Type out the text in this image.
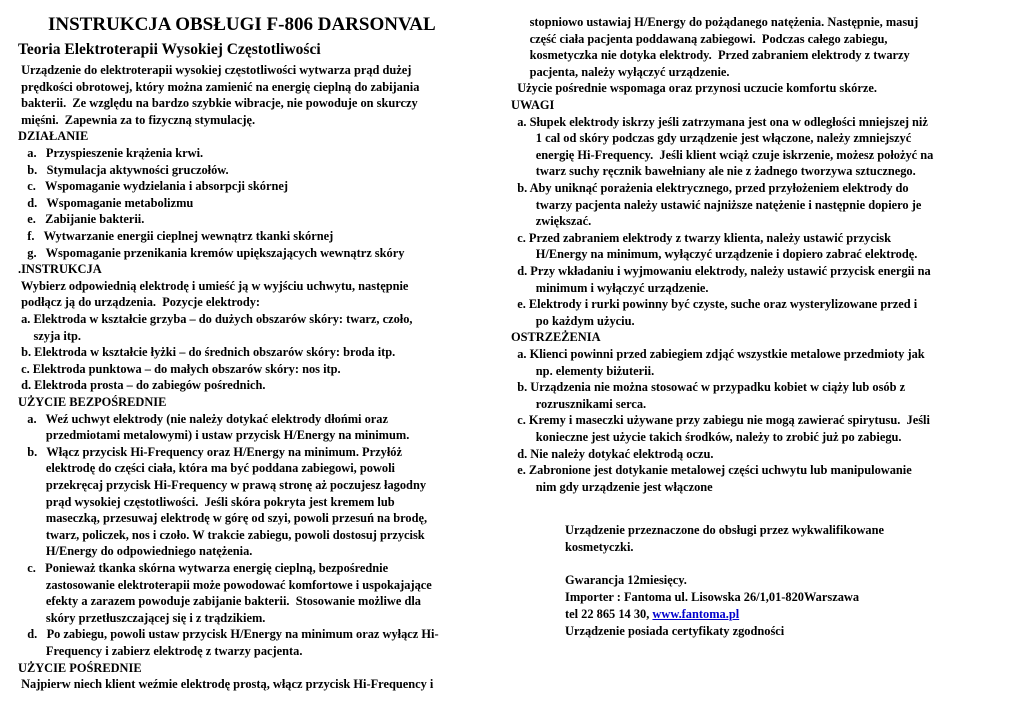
INSTRUKCJA OBSŁUGI F-806 DARSONVAL
Teoria Elektroterapii Wysokiej Częstotliwości
Urządzenie do elektroterapii wysokiej częstotliwości wytwarza prąd dużej
prędkości obrotowej, który można zamienić na energię cieplną do zabijania
bakterii.  Ze względu na bardzo szybkie wibracje, nie powoduje on skurczy
mięśni.  Zapewnia za to fizyczną stymulację.
DZIAŁANIE
a.   Przyspieszenie krążenia krwi.
b.   Stymulacja aktywności gruczołów.
c.   Wspomaganie wydzielania i absorpcji skórnej
d.   Wspomaganie metabolizmu
e.   Zabijanie bakterii.
f.   Wytwarzanie energii cieplnej wewnątrz tkanki skórnej
g.   Wspomaganie przenikania kremów upiększających wewnątrz skóry
.INSTRUKCJA
Wybierz odpowiednią elektrodę i umieść ją w wyjściu uchwytu, następnie
podłącz ją do urządzenia.  Pozycje elektrody:
a. Elektroda w kształcie grzyba – do dużych obszarów skóry: twarz, czoło,
szyja itp.
b. Elektroda w kształcie łyżki – do średnich obszarów skóry: broda itp.
c. Elektroda punktowa – do małych obszarów skóry: nos itp.
d. Elektroda prosta – do zabiegów pośrednich.
UŻYCIE BEZPOŚREDNIE
a.   Weź uchwyt elektrody (nie należy dotykać elektrody dłońmi oraz
przedmiotami metalowymi) i ustaw przycisk H/Energy na minimum.
b.   Włącz przycisk Hi-Frequency oraz H/Energy na minimum. Przyłóż
elektrodę do części ciała, która ma być poddana zabiegowi, powoli
przekręcaj przycisk Hi-Frequency w prawą stronę aż poczujesz łagodny
prąd wysokiej częstotliwości.  Jeśli skóra pokryta jest kremem lub
maseczką, przesuwaj elektrodę w górę od szyi, powoli przesuń na brodę,
twarz, policzek, nos i czoło. W trakcie zabiegu, powoli dostosuj przycisk
H/Energy do odpowiedniego natężenia.
c.   Ponieważ tkanka skórna wytwarza energię cieplną, bezpośrednie
zastosowanie elektroterapii może powodować komfortowe i uspokajające
efekty a zarazem powoduje zabijanie bakterii.  Stosowanie możliwe dla
skóry przetłuszczającej się i z trądzikiem.
d.   Po zabiegu, powoli ustaw przycisk H/Energy na minimum oraz wyłącz Hi-
Frequency i zabierz elektrodę z twarzy pacjenta.
UŻYCIE POŚREDNIE
Najpierw niech klient weźmie elektrodę prostą, włącz przycisk Hi-Frequency i
stopniowo ustawiaj H/Energy do pożądanego natężenia. Następnie, masuj
część ciała pacjenta poddawaną zabiegowi.  Podczas całego zabiegu,
kosmetyczka nie dotyka elektrody.  Przed zabraniem elektrody z twarzy
pacjenta, należy wyłączyć urządzenie.
Użycie pośrednie wspomaga oraz przynosi uczucie komfortu skórze.
UWAGI
a. Słupek elektrody iskrzy jeśli zatrzymana jest ona w odległości mniejszej niż
1 cal od skóry podczas gdy urządzenie jest włączone, należy zmniejszyć
energię Hi-Frequency.  Jeśli klient wciąż czuje iskrzenie, możesz położyć na
twarz suchy ręcznik bawełniany ale nie z żadnego tworzywa sztucznego.
b. Aby uniknąć porażenia elektrycznego, przed przyłożeniem elektrody do
twarzy pacjenta należy ustawić najniższe natężenie i następnie dopiero je
zwiększać.
c. Przed zabraniem elektrody z twarzy klienta, należy ustawić przycisk
H/Energy na minimum, wyłączyć urządzenie i dopiero zabrać elektrodę.
d. Przy wkładaniu i wyjmowaniu elektrody, należy ustawić przycisk energii na
minimum i wyłączyć urządzenie.
e. Elektrody i rurki powinny być czyste, suche oraz wysterylizowane przed i
po każdym użyciu.
OSTRZEŻENIA
a. Klienci powinni przed zabiegiem zdjąć wszystkie metalowe przedmioty jak
np. elementy biżuterii.
b. Urządzenia nie można stosować w przypadku kobiet w ciąży lub osób z
rozrusznikami serca.
c. Kremy i maseczki używane przy zabiegu nie mogą zawierać spirytusu.  Jeśli
konieczne jest użycie takich środków, należy to zrobić już po zabiegu.
d. Nie należy dotykać elektrodą oczu.
e. Zabronione jest dotykanie metalowej części uchwytu lub manipulowanie
nim gdy urządzenie jest włączone
Urządzenie przeznaczone do obsługi przez wykwalifikowane
kosmetyczki.
Gwarancja 12miesięcy.
Importer : Fantoma ul. Lisowska 26/1,01-820Warszawa
tel 22 865 14 30, www.fantoma.pl
Urządzenie posiada certyfikaty zgodności
